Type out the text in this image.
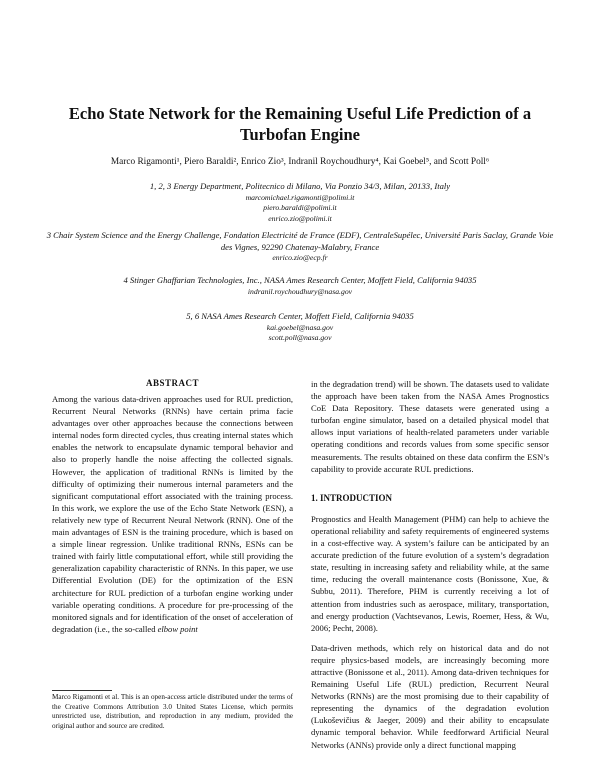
Echo State Network for the Remaining Useful Life Prediction of a Turbofan Engine
Marco Rigamonti¹, Piero Baraldi², Enrico Zio³, Indranil Roychoudhury⁴, Kai Goebel⁵, and Scott Poll⁶
1, 2, 3 Energy Department, Politecnico di Milano, Via Ponzio 34/3, Milan, 20133, Italy
marcomichael.rigamonti@polimi.it
piero.baraldi@polimi.it
enrico.zio@polimi.it
3 Chair System Science and the Energy Challenge, Fondation Electricité de France (EDF), CentraleSupélec, Université Paris Saclay, Grande Voie des Vignes, 92290 Chatenay-Malabry, France
enrico.zio@ecp.fr
4 Stinger Ghaffarian Technologies, Inc., NASA Ames Research Center, Moffett Field, California 94035
indranil.roychoudhury@nasa.gov
5, 6 NASA Ames Research Center, Moffett Field, California 94035
kai.goebel@nasa.gov
scott.poll@nasa.gov
ABSTRACT

Among the various data-driven approaches used for RUL prediction, Recurrent Neural Networks (RNNs) have certain prima facie advantages over other approaches because the connections between internal nodes form directed cycles, thus creating internal states which enables the network to encapsulate dynamic temporal behavior and also to properly handle the noise affecting the collected signals. However, the application of traditional RNNs is limited by the difficulty of optimizing their numerous internal parameters and the significant computational effort associated with the training process. In this work, we explore the use of the Echo State Network (ESN), a relatively new type of Recurrent Neural Network (RNN). One of the main advantages of ESN is the training procedure, which is based on a simple linear regression. Unlike traditional RNNs, ESNs can be trained with fairly little computational effort, while still providing the generalization capability characteristic of RNNs. In this paper, we use Differential Evolution (DE) for the optimization of the ESN architecture for RUL prediction of a turbofan engine working under variable operating conditions. A procedure for pre-processing of the monitored signals and for identification of the onset of acceleration of degradation (i.e., the so-called elbow point

in the degradation trend) will be shown. The datasets used to validate the approach have been taken from the NASA Ames Prognostics CoE Data Repository. These datasets were generated using a turbofan engine simulator, based on a detailed physical model that allows input variations of health-related parameters under variable operating conditions and records values from some specific sensor measurements. The results obtained on these data confirm the ESN’s capability to provide accurate RUL predictions.

1. INTRODUCTION

Prognostics and Health Management (PHM) can help to achieve the operational reliability and safety requirements of engineered systems in a cost-effective way. A system’s failure can be anticipated by an accurate prediction of the future evolution of a system’s degradation state, resulting in increasing safety and reliability while, at the same time, reducing the overall maintenance costs (Bonissone, Xue, & Subbu, 2011). Therefore, PHM is currently receiving a lot of attention from industries such as aerospace, military, transportation, and energy production (Vachtsevanos, Lewis, Roemer, Hess, & Wu, 2006; Pecht, 2008).

Data-driven methods, which rely on historical data and do not require physics-based models, are increasingly becoming more attractive (Bonissone et al., 2011). Among data-driven techniques for Remaining Useful Life (RUL) prediction, Recurrent Neural Networks (RNNs) are the most promising due to their capability of representing the dynamics of the degradation evolution (Lukoševičius & Jaeger, 2009) and their ability to encapsulate dynamic temporal behavior. While feedforward Artificial Neural Networks (ANNs) provide only a direct functional mapping

Marco Rigamonti et al. This is an open-access article distributed under the terms of the Creative Commons Attribution 3.0 United States License, which permits unrestricted use, distribution, and reproduction in any medium, provided the original author and source are credited.
